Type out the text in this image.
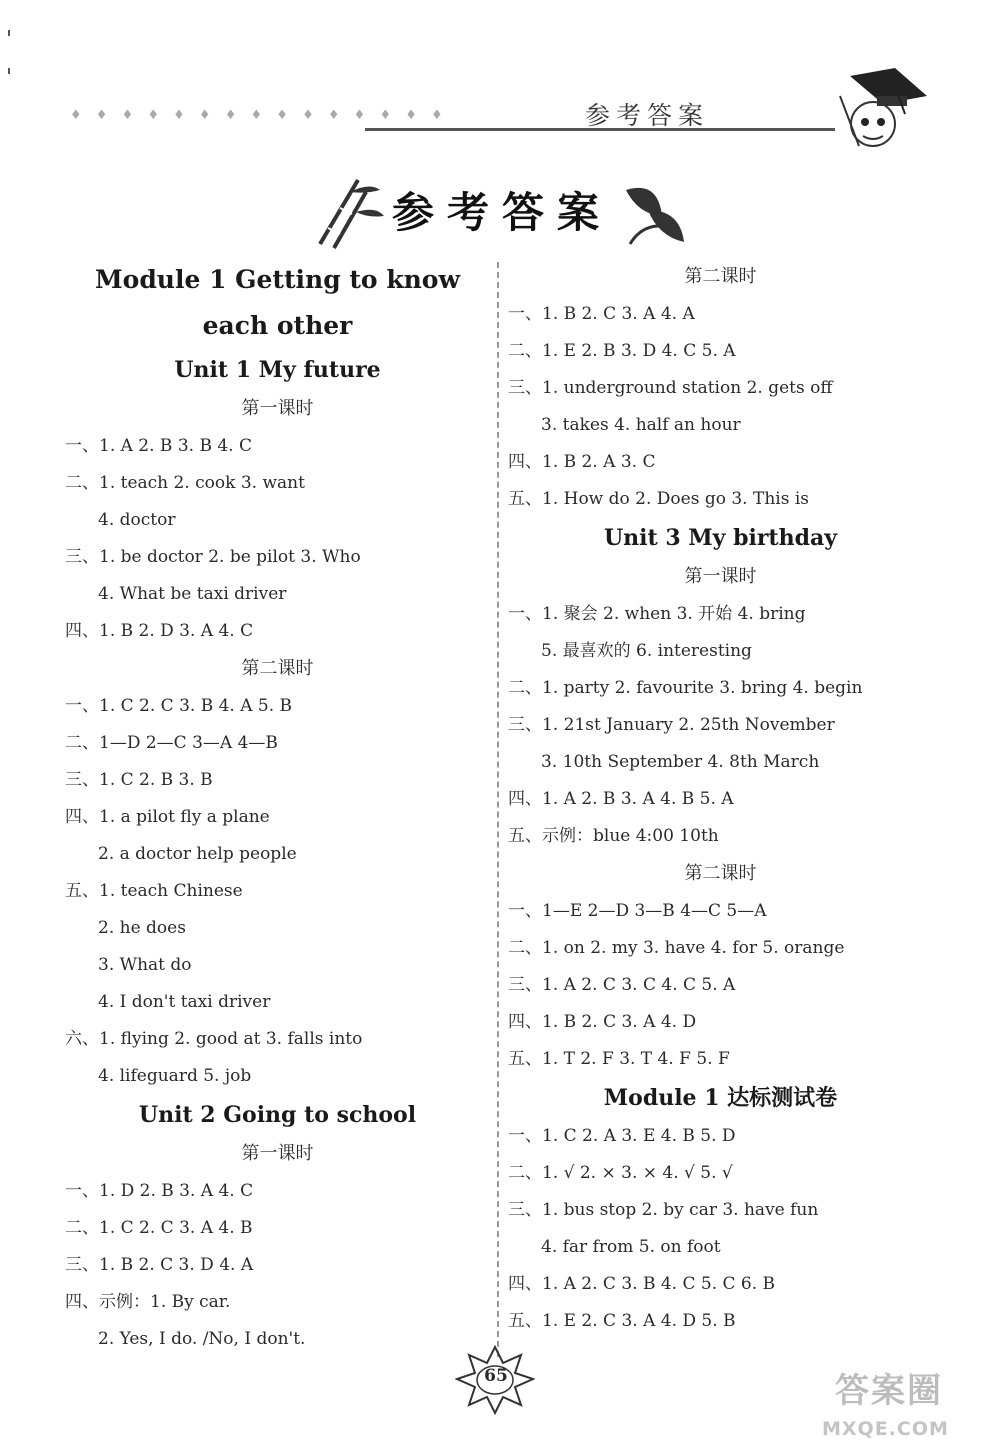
♦ ♦ ♦ ♦ ♦ ♦ ♦ ♦ ♦ ♦ ♦ ♦ ♦ ♦ ♦	参考答案
参考答案
Module 1 Getting to know
each other
Unit 1 My future
第一课时
一、1. A 2. B 3. B 4. C
二、1. teach 2. cook 3. want
4. doctor
三、1. be doctor 2. be pilot 3. Who
4. What be taxi driver
四、1. B 2. D 3. A 4. C
第二课时
一、1. C 2. C 3. B 4. A 5. B
二、1—D 2—C 3—A 4—B
三、1. C 2. B 3. B
四、1. a pilot fly a plane
2. a doctor help people
五、1. teach Chinese
2. he does
3. What do
4. I don't taxi driver
六、1. flying 2. good at 3. falls into
4. lifeguard 5. job
Unit 2 Going to school
第一课时
一、1. D 2. B 3. A 4. C
二、1. C 2. C 3. A 4. B
三、1. B 2. C 3. D 4. A
四、示例：1. By car.
2. Yes, I do. /No, I don't.
第二课时
一、1. B 2. C 3. A 4. A
二、1. E 2. B 3. D 4. C 5. A
三、1. underground station 2. gets off
3. takes 4. half an hour
四、1. B 2. A 3. C
五、1. How do 2. Does go 3. This is
Unit 3 My birthday
第一课时
一、1. 聚会 2. when 3. 开始 4. bring
5. 最喜欢的 6. interesting
二、1. party 2. favourite 3. bring 4. begin
三、1. 21st January 2. 25th November
3. 10th September 4. 8th March
四、1. A 2. B 3. A 4. B 5. A
五、示例：blue 4:00 10th
第二课时
一、1—E 2—D 3—B 4—C 5—A
二、1. on 2. my 3. have 4. for 5. orange
三、1. A 2. C 3. C 4. C 5. A
四、1. B 2. C 3. A 4. D
五、1. T 2. F 3. T 4. F 5. F
Module 1 达标测试卷
一、1. C 2. A 3. E 4. B 5. D
二、1. √ 2. × 3. × 4. √ 5. √
三、1. bus stop 2. by car 3. have fun
4. far from 5. on foot
四、1. A 2. C 3. B 4. C 5. C 6. B
五、1. E 2. C 3. A 4. D 5. B
65	答案圈
MXQE.COM
